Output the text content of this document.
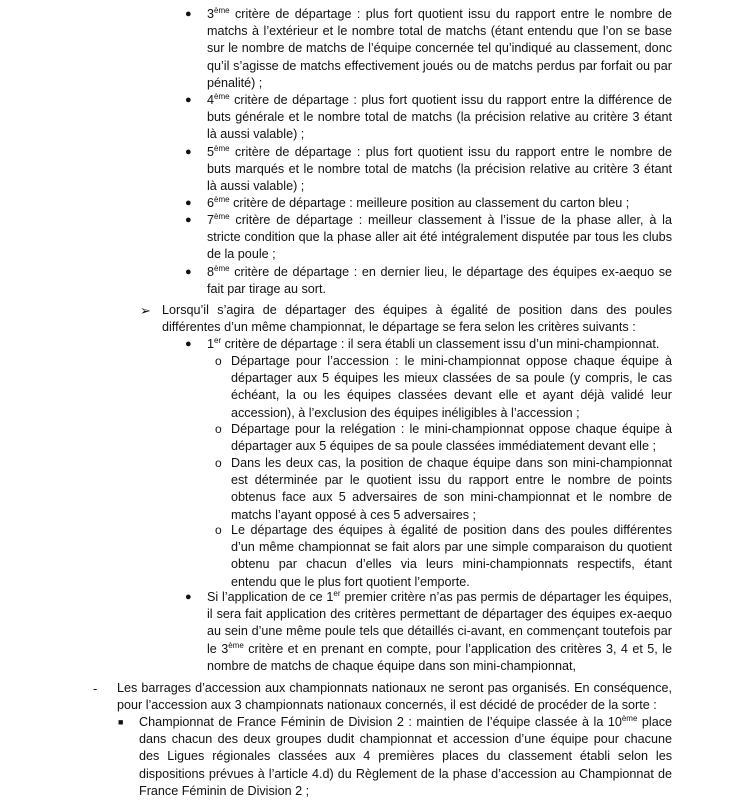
● 3ème critère de départage : plus fort quotient issu du rapport entre le nombre de matchs à l’extérieur et le nombre total de matchs (étant entendu que l’on se base sur le nombre de matchs de l’équipe concernée tel qu’indiqué au classement, donc qu’il s’agisse de matchs effectivement joués ou de matchs perdus par forfait ou par pénalité) ;
● 4ème critère de départage : plus fort quotient issu du rapport entre la différence de buts générale et le nombre total de matchs (la précision relative au critère 3 étant là aussi valable) ;
● 5ème critère de départage : plus fort quotient issu du rapport entre le nombre de buts marqués et le nombre total de matchs (la précision relative au critère 3 étant là aussi valable) ;
● 6ème critère de départage : meilleure position au classement du carton bleu ;
● 7ème critère de départage : meilleur classement à l’issue de la phase aller, à la stricte condition que la phase aller ait été intégralement disputée par tous les clubs de la poule ;
● 8ème critère de départage : en dernier lieu, le départage des équipes ex-aequo se fait par tirage au sort.
➢ Lorsqu’il s’agira de départager des équipes à égalité de position dans des poules différentes d’un même championnat, le départage se fera selon les critères suivants :
● 1er critère de départage : il sera établi un classement issu d’un mini-championnat.
o Départage pour l’accession : le mini-championnat oppose chaque équipe à départager aux 5 équipes les mieux classées de sa poule (y compris, le cas échéant, la ou les équipes classées devant elle et ayant déjà validé leur accession), à l’exclusion des équipes inéligibles à l’accession ;
o Départage pour la relégation : le mini-championnat oppose chaque équipe à départager aux 5 équipes de sa poule classées immédiatement devant elle ;
o Dans les deux cas, la position de chaque équipe dans son mini-championnat est déterminée par le quotient issu du rapport entre le nombre de points obtenus face aux 5 adversaires de son mini-championnat et le nombre de matchs l’ayant opposé à ces 5 adversaires ;
o Le départage des équipes à égalité de position dans des poules différentes d’un même championnat se fait alors par une simple comparaison du quotient obtenu par chacun d’elles via leurs mini-championnats respectifs, étant entendu que le plus fort quotient l’emporte.
● Si l’application de ce 1er premier critère n’as pas permis de départager les équipes, il sera fait application des critères permettant de départager des équipes ex-aequo au sein d’une même poule tels que détaillés ci-avant, en commençant toutefois par le 3ème critère et en prenant en compte, pour l’application des critères 3, 4 et 5, le nombre de matchs de chaque équipe dans son mini-championnat,
- Les barrages d’accession aux championnats nationaux ne seront pas organisés. En conséquence, pour l’accession aux 3 championnats nationaux concernés, il est décidé de procéder de la sorte :
■ Championnat de France Féminin de Division 2 : maintien de l’équipe classée à la 10ème place dans chacun des deux groupes dudit championnat et accession d’une équipe pour chacune des Ligues régionales classées aux 4 premières places du classement établi selon les dispositions prévues à l’article 4.d) du Règlement de la phase d’accession au Championnat de France Féminin de Division 2 ;
